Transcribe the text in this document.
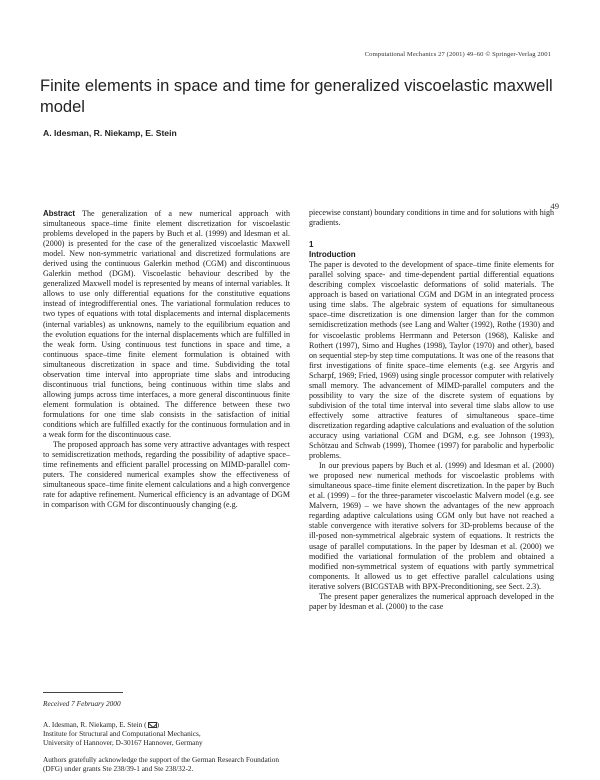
Computational Mechanics 27 (2001) 49–60 © Springer-Verlag 2001
Finite elements in space and time for generalized viscoelastic maxwell model

A. Idesman, R. Niekamp, E. Stein

49

Abstract The generalization of a new numerical approach with simultaneous space–time finite element discretization for viscoelastic problems developed in the papers by Buch et al. (1999) and Idesman et al. (2000) is presented for the case of the generalized viscoelastic Maxwell model. New non-symmetric variational and discretized formulations are derived using the continuous Galerkin method (CGM) and discontinuous Galerkin method (DGM). Viscoelastic behaviour described by the generalized Maxwell model is represented by means of internal variables. It allows to use only differential equations for the constitutive equations instead of integrodifferential ones. The variational formulation reduces to two types of equations with total displacements and internal displacements (internal variables) as unknowns, namely to the equilibrium equation and the evolution equations for the internal displacements which are fulfilled in the weak form. Using continuous test functions in space and time, a continuous space–time finite element formulation is obtained with simultaneous discretization in space and time. Subdividing the total observation time interval into appropriate time slabs and introducing discontinuous trial functions, being continuous within time slabs and allowing jumps across time interfaces, a more general discontinuous finite element formulation is obtained. The difference between these two formulations for one time slab consists in the satisfaction of initial conditions which are fulfilled exactly for the continuous formulation and in a weak form for the discontinuous case.

The proposed approach has some very attractive advantages with respect to semidiscretization methods, regarding the possibility of adaptive space–time refinements and efficient parallel processing on MIMD-parallel computers. The considered numerical examples show the effectiveness of simultaneous space–time finite element calculations and a high convergence rate for adaptive refinement. Numerical efficiency is an advantage of DGM in comparison with CGM for discontinuously changing (e.g.

piecewise constant) boundary conditions in time and for solutions with high gradients.

1

Introduction

The paper is devoted to the development of space–time finite elements for parallel solving space- and time-dependent partial differential equations describing complex viscoelastic deformations of solid materials. The approach is based on variational CGM and DGM in an integrated process using time slabs. The algebraic system of equations for simultaneous space–time discretization is one dimension larger than for the common semidiscretization methods (see Lang and Walter (1992), Rothe (1930) and for viscoelastic problems Herrmann and Peterson (1968), Kaliske and Rothert (1997), Simo and Hughes (1998), Taylor (1970) and other), based on sequential step-by step time computations. It was one of the reasons that first investigations of finite space–time elements (e.g. see Argyris and Scharpf, 1969; Fried, 1969) using single processor computer with relatively small memory. The advancement of MIMD-parallel computers and the possibility to vary the size of the discrete system of equations by subdivision of the total time interval into several time slabs allow to use effectively some attractive features of simultaneous space–time discretization regarding adaptive calculations and evaluation of the solution accuracy using variational CGM and DGM, e.g. see Johnson (1993), Schötzau and Schwab (1999), Thomee (1997) for parabolic and hyperbolic problems.

In our previous papers by Buch et al. (1999) and Idesman et al. (2000) we proposed new numerical methods for viscoelastic problems with simultaneous space–time finite element discretization. In the paper by Buch et al. (1999) – for the three-parameter viscoelastic Malvern model (e.g. see Malvern, 1969) – we have shown the advantages of the new approach regarding adaptive calculations using CGM only but have not reached a stable convergence with iterative solvers for 3D-problems because of the ill-posed non-symmetrical algebraic system of equations. It restricts the usage of parallel computations. In the paper by Idesman et al. (2000) we modified the variational formulation of the problem and obtained a modified non-symmetrical system of equations with partly symmetrical components. It allowed us to get effective parallel calculations using iterative solvers (BICGSTAB with BPX-Preconditioning, see Sect. 2.3).

The present paper generalizes the numerical approach developed in the paper by Idesman et al. (2000) to the case

Received 7 February 2000
A. Idesman, R. Niekamp, E. Stein ( )
Institute for Structural and Computational Mechanics,
University of Hannover, D-30167 Hannover, Germany
Authors gratefully acknowledge the support of the German Research Foundation (DFG) under grants Ste 238/39-1 and Ste 238/32-2.
